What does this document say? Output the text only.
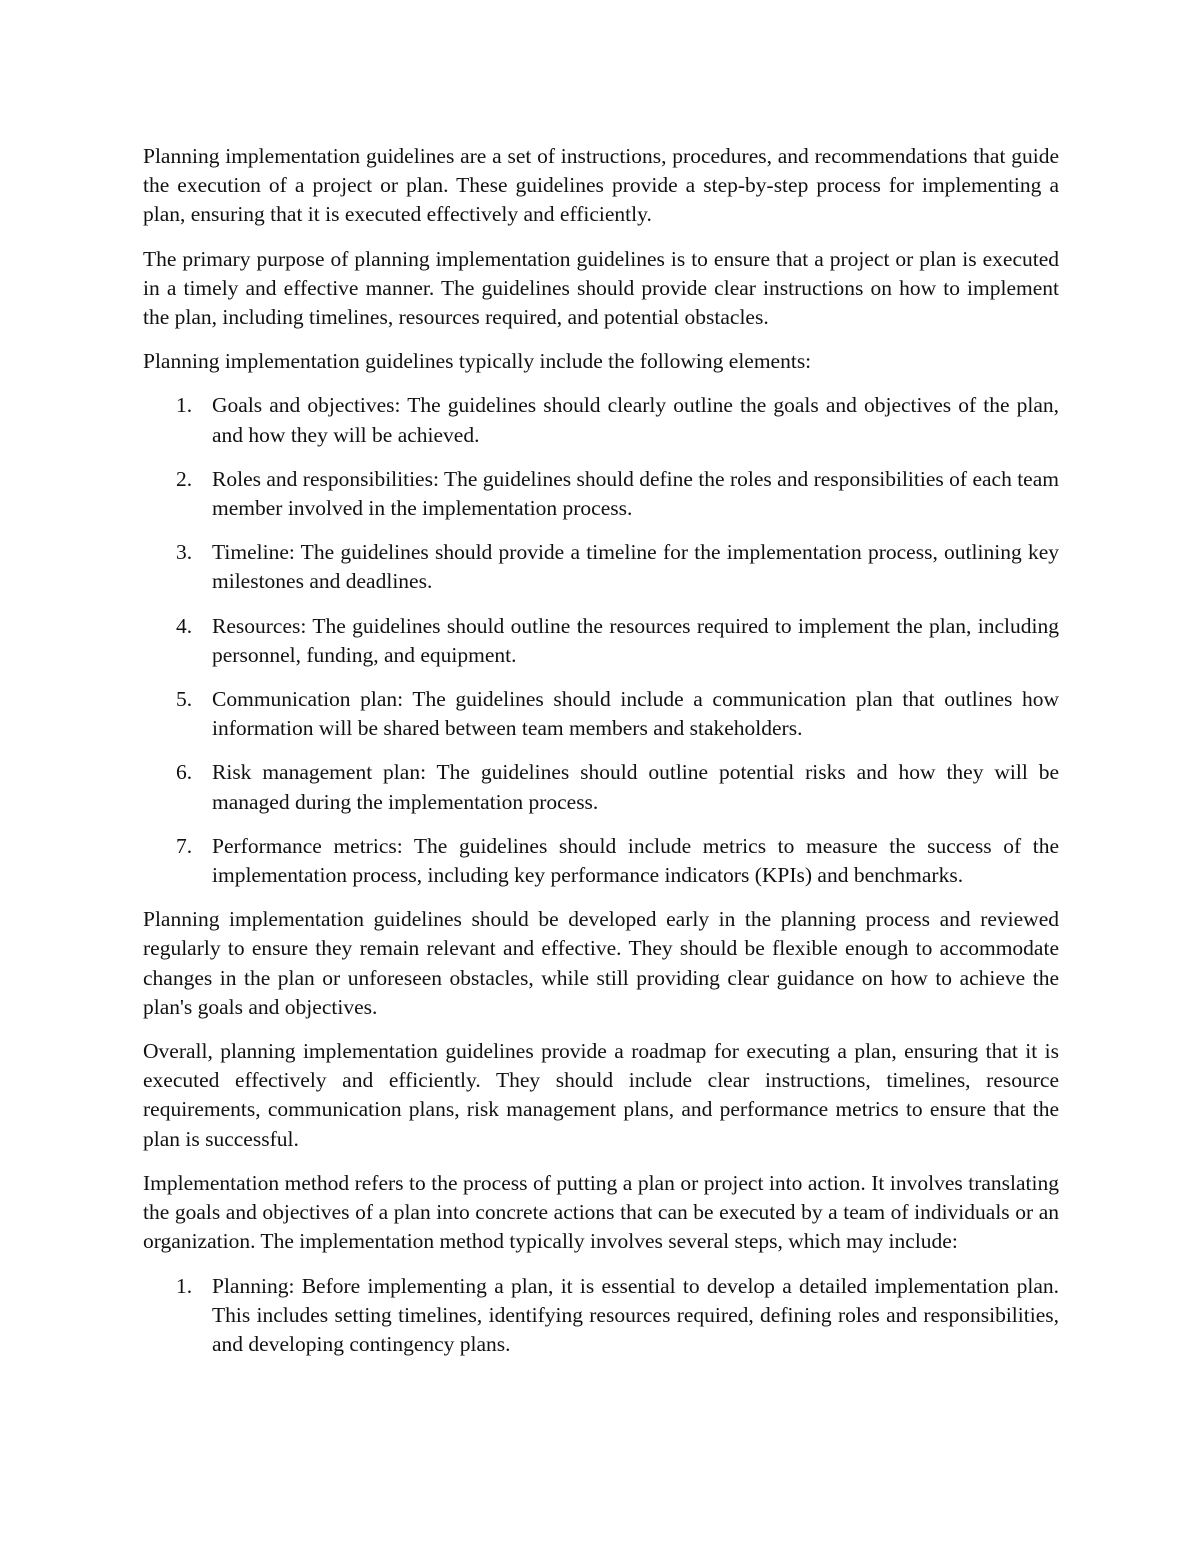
Planning implementation guidelines are a set of instructions, procedures, and recommendations that guide the execution of a project or plan. These guidelines provide a step-by-step process for implementing a plan, ensuring that it is executed effectively and efficiently.

The primary purpose of planning implementation guidelines is to ensure that a project or plan is executed in a timely and effective manner. The guidelines should provide clear instructions on how to implement the plan, including timelines, resources required, and potential obstacles.

Planning implementation guidelines typically include the following elements:

1. Goals and objectives: The guidelines should clearly outline the goals and objectives of the plan, and how they will be achieved.
2. Roles and responsibilities: The guidelines should define the roles and responsibilities of each team member involved in the implementation process.
3. Timeline: The guidelines should provide a timeline for the implementation process, outlining key milestones and deadlines.
4. Resources: The guidelines should outline the resources required to implement the plan, including personnel, funding, and equipment.
5. Communication plan: The guidelines should include a communication plan that outlines how information will be shared between team members and stakeholders.
6. Risk management plan: The guidelines should outline potential risks and how they will be managed during the implementation process.
7. Performance metrics: The guidelines should include metrics to measure the success of the implementation process, including key performance indicators (KPIs) and benchmarks.

Planning implementation guidelines should be developed early in the planning process and reviewed regularly to ensure they remain relevant and effective. They should be flexible enough to accommodate changes in the plan or unforeseen obstacles, while still providing clear guidance on how to achieve the plan's goals and objectives.

Overall, planning implementation guidelines provide a roadmap for executing a plan, ensuring that it is executed effectively and efficiently. They should include clear instructions, timelines, resource requirements, communication plans, risk management plans, and performance metrics to ensure that the plan is successful.

Implementation method refers to the process of putting a plan or project into action. It involves translating the goals and objectives of a plan into concrete actions that can be executed by a team of individuals or an organization. The implementation method typically involves several steps, which may include:

1. Planning: Before implementing a plan, it is essential to develop a detailed implementation plan. This includes setting timelines, identifying resources required, defining roles and responsibilities, and developing contingency plans.
